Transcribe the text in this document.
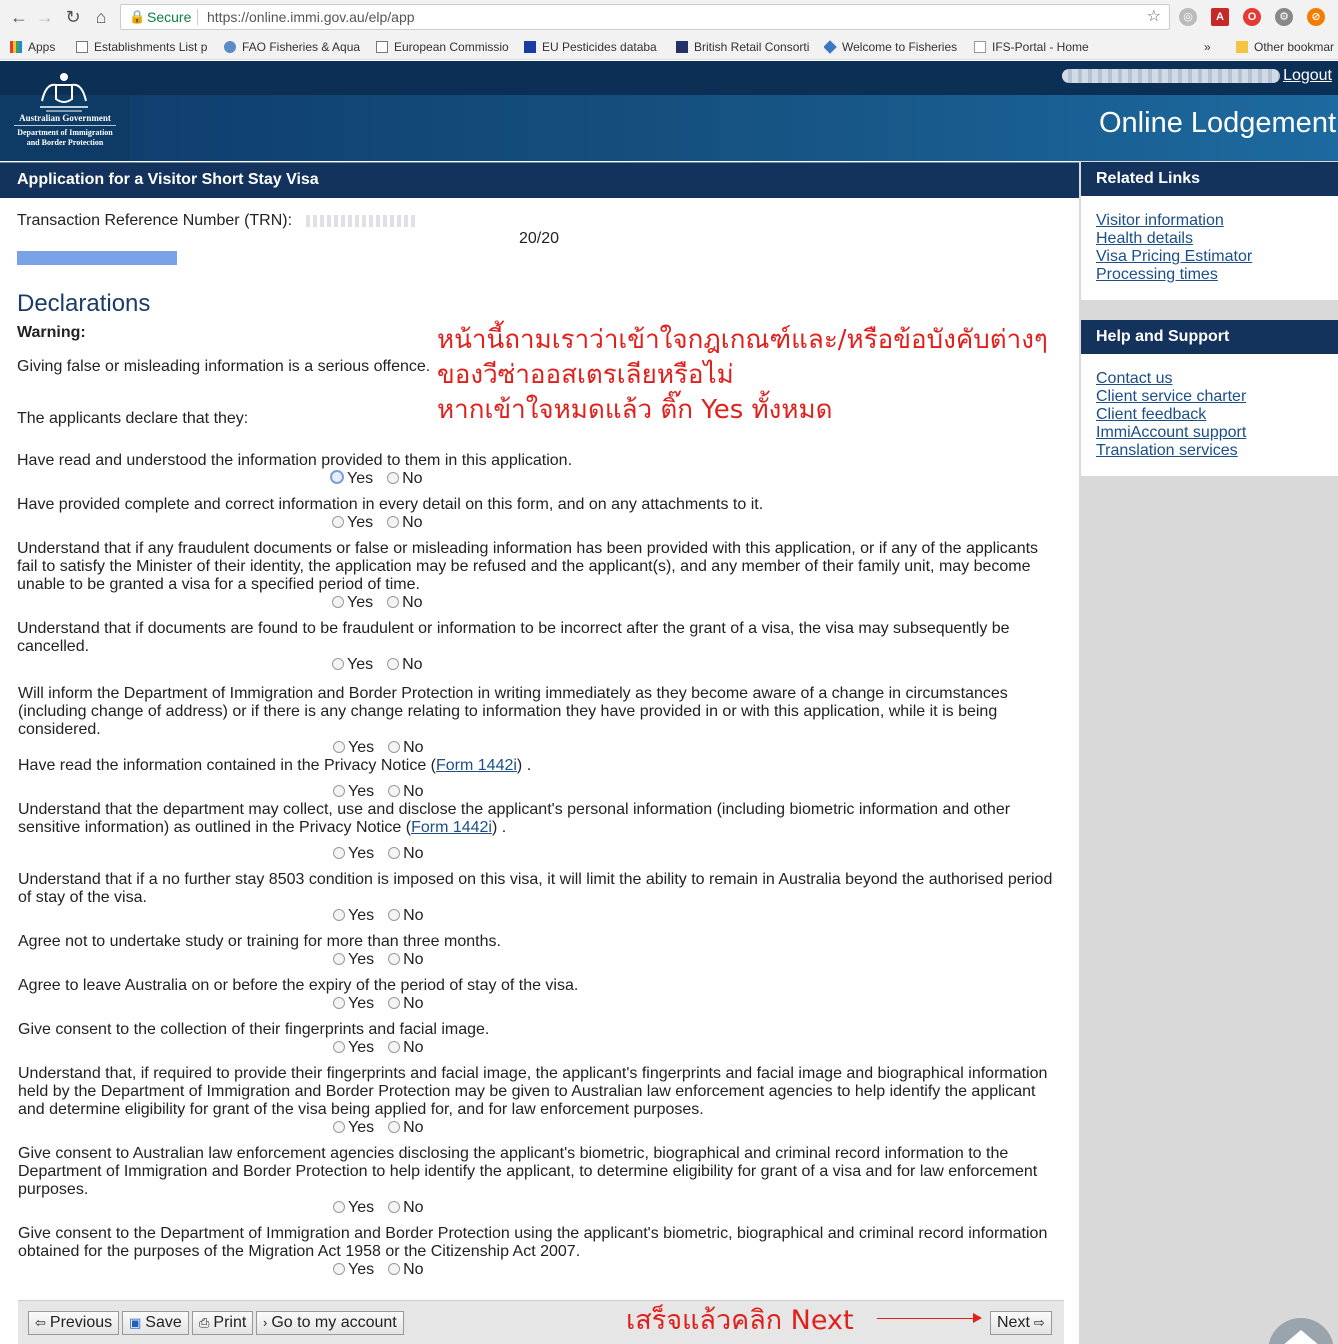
← → ↻ ⌂	🔒 Secure https://online.immi.gov.au/elp/app	☆	◎	A	O	⚙	⊘
Apps	Establishments List p	FAO Fisheries & Aqua	European Commissio	EU Pesticides databa	British Retail Consorti	Welcome to Fisheries	IFS-Portal - Home	»	Other bookmar
Logout
Australian Government
Department of Immigration
and Border Protection
Online Lodgement
Application for a Visitor Short Stay Visa	Related Links
Visitor information
Health details
Visa Pricing Estimator
Processing times
Help and Support
Contact us
Client service charter
Client feedback
ImmiAccount support
Translation services
Transaction Reference Number (TRN):
20/20
Declarations
Warning:
Giving false or misleading information is a serious offence.
The applicants declare that they:
Have read and understood the information provided to them in this application.
Yes No
Have provided complete and correct information in every detail on this form, and on any attachments to it.
Yes No
Understand that if any fraudulent documents or false or misleading information has been provided with this application, or if any of the applicants fail to satisfy the Minister of their identity, the application may be refused and the applicant(s), and any member of their family unit, may become unable to be granted a visa for a specified period of time.
Yes No
Understand that if documents are found to be fraudulent or information to be incorrect after the grant of a visa, the visa may subsequently be cancelled.
Yes No
Will inform the Department of Immigration and Border Protection in writing immediately as they become aware of a change in circumstances (including change of address) or if there is any change relating to information they have provided in or with this application, while it is being considered.
Yes No
Have read the information contained in the Privacy Notice (Form 1442i) .
Yes No
Understand that the department may collect, use and disclose the applicant's personal information (including biometric information and other sensitive information) as outlined in the Privacy Notice (Form 1442i) .
Yes No
Understand that if a no further stay 8503 condition is imposed on this visa, it will limit the ability to remain in Australia beyond the authorised period of stay of the visa.
Yes No
Agree not to undertake study or training for more than three months.
Yes No
Agree to leave Australia on or before the expiry of the period of stay of the visa.
Yes No
Give consent to the collection of their fingerprints and facial image.
Yes No
Understand that, if required to provide their fingerprints and facial image, the applicant's fingerprints and facial image and biographical information held by the Department of Immigration and Border Protection may be given to Australian law enforcement agencies to help identify the applicant and determine eligibility for grant of the visa being applied for, and for law enforcement purposes.
Yes No
Give consent to Australian law enforcement agencies disclosing the applicant's biometric, biographical and criminal record information to the Department of Immigration and Border Protection to help identify the applicant, to determine eligibility for grant of a visa and for law enforcement purposes.
Yes No
Give consent to the Department of Immigration and Border Protection using the applicant's biometric, biographical and criminal record information obtained for the purposes of the Migration Act 1958 or the Citizenship Act 2007.
Yes No
หน้านี้ถามเราว่าเข้าใจกฎเกณฑ์และ/หรือข้อบังคับต่างๆ
ของวีซ่าออสเตรเลียหรือไม่
หากเข้าใจหมดแล้ว ติ๊ก Yes ทั้งหมด
⇦ Previous	▣ Save	⎙ Print	› Go to my account	เสร็จแล้วคลิก Next	Next ⇨
